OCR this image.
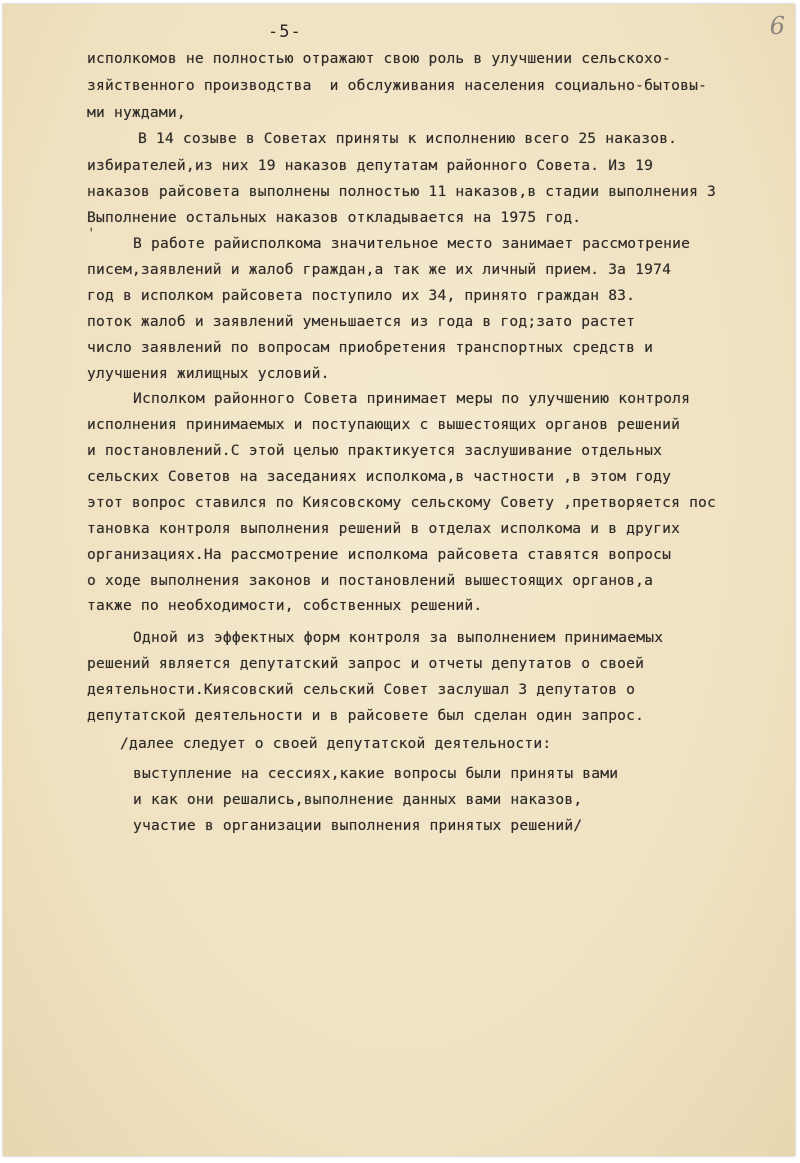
-5-	6
'
исполкомов не полностью отражают свою роль в улучшении сельскохо-
зяйственного производства  и обслуживания населения социально-бытовы-
ми нуждами,
В 14 созыве в Советах приняты к исполнению всего 25 наказов.
избирателей,из них 19 наказов депутатам районного Совета. Из 19
наказов райсовета выполнены полностью 11 наказов,в стадии выполнения 3
Выполнение остальных наказов откладывается на 1975 год.
В работе райисполкома значительное место занимает рассмотрение
писем,заявлений и жалоб граждан,а так же их личный прием. За 1974
год в исполком райсовета поступило их 34, принято граждан 83.
поток жалоб и заявлений уменьшается из года в год;зато растет
число заявлений по вопросам приобретения транспортных средств и
улучшения жилищных условий.
Исполком районного Совета принимает меры по улучшению контроля
исполнения принимаемых и поступающих с вышестоящих органов решений
и постановлений.С этой целью практикуется заслушивание отдельных
сельских Советов на заседаниях исполкома,в частности ,в этом году
этот вопрос ставился по Киясовскому сельскому Совету ,претворяется пос
тановка контроля выполнения решений в отделах исполкома и в других
организациях.На рассмотрение исполкома райсовета ставятся вопросы
о ходе выполнения законов и постановлений вышестоящих органов,а
также по необходимости, собственных решений.
Одной из эффектных форм контроля за выполнением принимаемых
решений является депутатский запрос и отчеты депутатов о своей
деятельности.Киясовский сельский Совет заслушал 3 депутатов о
депутатской деятельности и в райсовете был сделан один запрос.
/далее следует о своей депутатской деятельности:
выступление на сессиях,какие вопросы были приняты вами
и как они решались,выполнение данных вами наказов,
участие в организации выполнения принятых решений/
